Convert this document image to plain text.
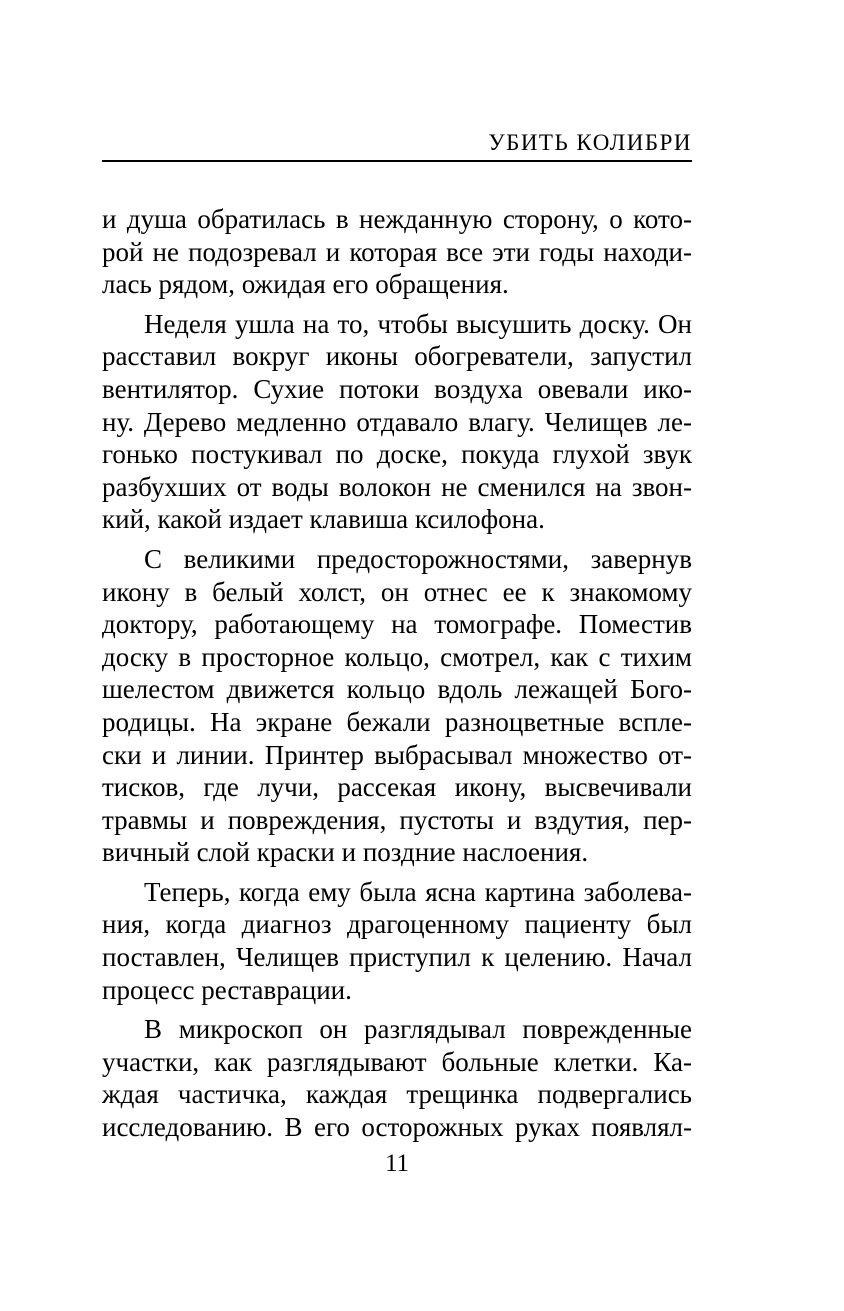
УБИТЬ КОЛИБРИ
и душа обратилась в нежданную сторону, о кото-
рой не подозревал и которая все эти годы находи-
лась рядом, ожидая его обращения.
Неделя ушла на то, чтобы высушить доску. Он
расставил вокруг иконы обогреватели, запустил
вентилятор. Сухие потоки воздуха овевали ико-
ну. Дерево медленно отдавало влагу. Челищев ле-
гонько постукивал по доске, покуда глухой звук
разбухших от воды волокон не сменился на звон-
кий, какой издает клавиша ксилофона.
С великими предосторожностями, завернув
икону в белый холст, он отнес ее к знакомому
доктору, работающему на томографе. Поместив
доску в просторное кольцо, смотрел, как с тихим
шелестом движется кольцо вдоль лежащей Бого-
родицы. На экране бежали разноцветные всплe-
ски и линии. Принтер выбрасывал множество от-
тисков, где лучи, рассекая икону, высвечивали
травмы и повреждения, пустоты и вздутия, пер-
вичный слой краски и поздние наслоения.
Теперь, когда ему была ясна картина заболева-
ния, когда диагноз драгоценному пациенту был
поставлен, Челищев приступил к целению. Начал
процесс реставрации.
В микроскоп он разглядывал поврежденные
участки, как разглядывают больные клетки. Ка-
ждая частичка, каждая трещинка подвергались
исследованию. В его осторожных руках появлял-
11
